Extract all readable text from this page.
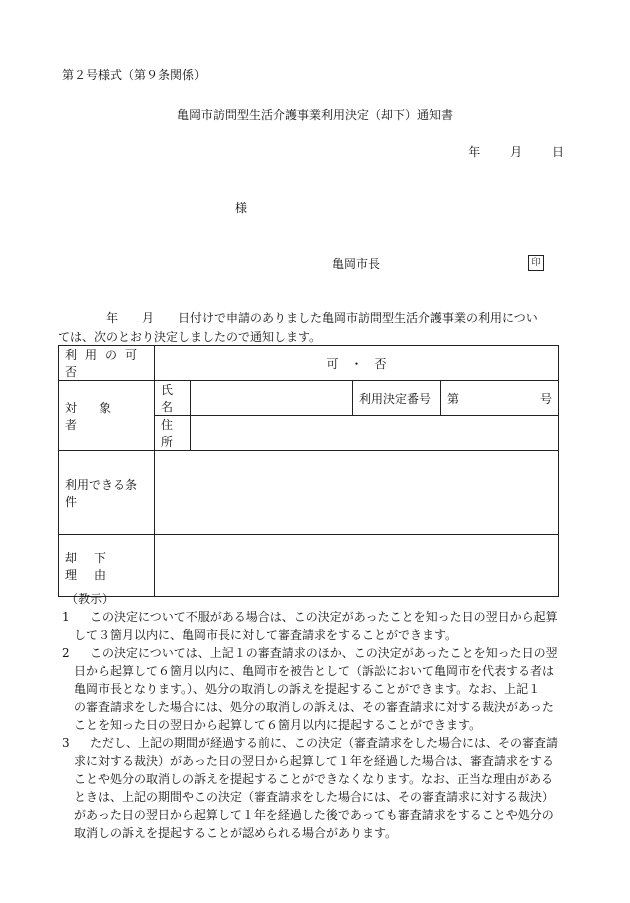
第２号様式（第９条関係）
亀岡市訪問型生活介護事業利用決定（却下）通知書
年 月 日
様
亀岡市長	印
　　　　年　　月　　日付けで申請のありました亀岡市訪問型生活介護事業の利用につい
ては、次のとおり決定しましたので通知します。
利用の可否	可　・　否			

対象者	氏名		利用決定番号	第 号

	住所			
利用できる条件				

却下理由				

（教示）
1	この決定について不服がある場合は、この決定があったことを知った日の翌日から起算
して３箇月以内に、亀岡市長に対して審査請求をすることができます。
2	この決定については、上記１の審査請求のほか、この決定があったことを知った日の翌
日から起算して６箇月以内に、亀岡市を被告として（訴訟において亀岡市を代表する者は
亀岡市長となります。）、処分の取消しの訴えを提起することができます。なお、上記１
の審査請求をした場合には、処分の取消しの訴えは、その審査請求に対する裁決があった
ことを知った日の翌日から起算して６箇月以内に提起することができます。
3	ただし、上記の期間が経過する前に、この決定（審査請求をした場合には、その審査請
求に対する裁決）があった日の翌日から起算して１年を経過した場合は、審査請求をする
ことや処分の取消しの訴えを提起することができなくなります。なお、正当な理由がある
ときは、上記の期間やこの決定（審査請求をした場合には、その審査請求に対する裁決）
があった日の翌日から起算して１年を経過した後であっても審査請求をすることや処分の
取消しの訴えを提起することが認められる場合があります。
